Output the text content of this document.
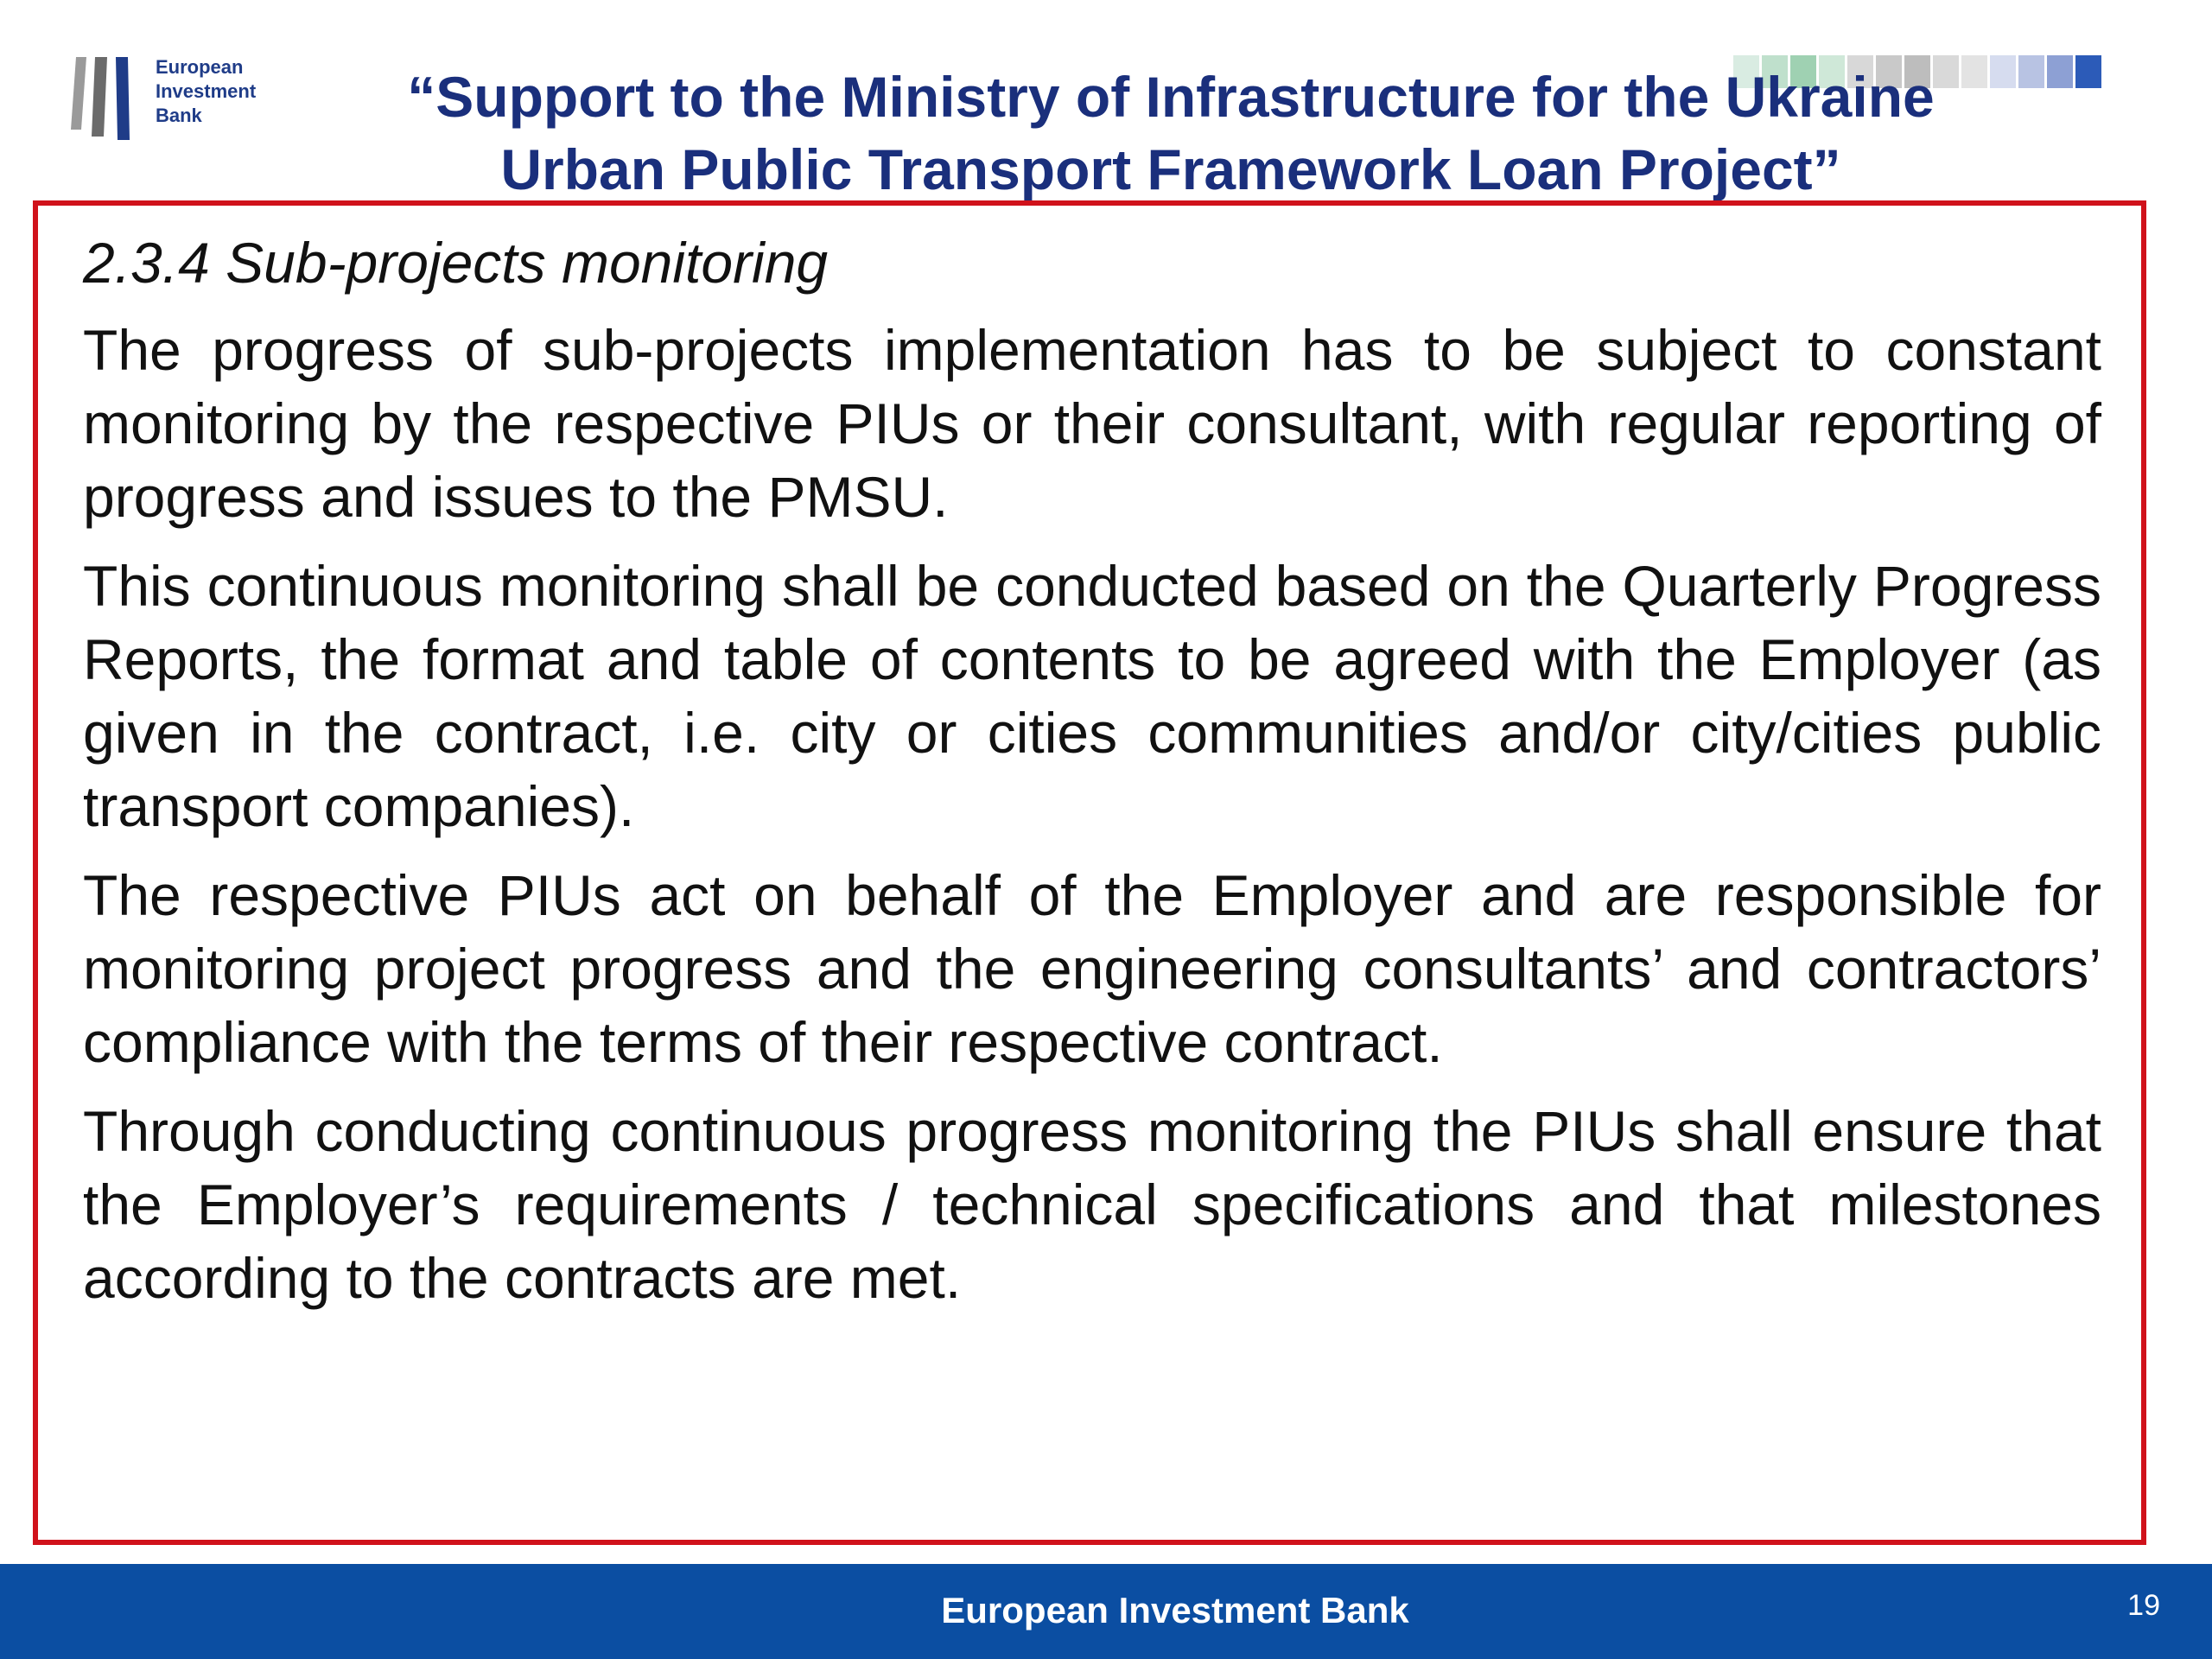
European
Investment
Bank	“Support to the Ministry of Infrastructure for the Ukraine
Urban Public Transport Framework Loan Project”
2.3.4 Sub-projects monitoring
The progress of sub-projects implementation has to be subject to constant monitoring by the respective PIUs or their consultant, with regular reporting of progress and issues to the PMSU.
This continuous monitoring shall be conducted based on the Quarterly Progress Reports, the format and table of contents to be agreed with the Employer (as given in the contract, i.e. city or cities communities and/or city/cities public transport companies).
The respective PIUs act on behalf of the Employer and are responsible for monitoring project progress and the engineering consultants’ and contractors’ compliance with the terms of their respective contract.
Through conducting continuous progress monitoring the PIUs shall ensure that the Employer’s requirements / technical specifications and that milestones according to the contracts are met.
European Investment Bank	19
